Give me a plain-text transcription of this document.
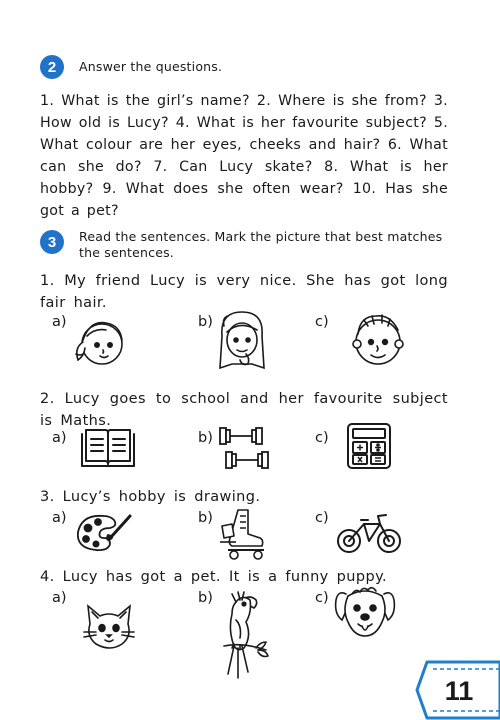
2	Answer the questions.
1. What is the girl’s name? 2. Where is she from? 3. How old is Lucy? 4. What is her favourite subject? 5. What colour are her eyes, cheeks and hair? 6. What can she do? 7. Can Lucy skate? 8. What is her hobby? 9. What does she often wear? 10. Has she got a pet?
3	Read the sentences. Mark the picture that best matches the sentences.
1. My friend Lucy is very nice. She has got long fair hair.
a)	b)	c)
2. Lucy goes to school and her favourite subject is Maths.
a)	b)	c)
3. Lucy’s hobby is drawing.
a)	b)	c)
4. Lucy has got a pet. It is a funny puppy.
a)	b)	c)
11
